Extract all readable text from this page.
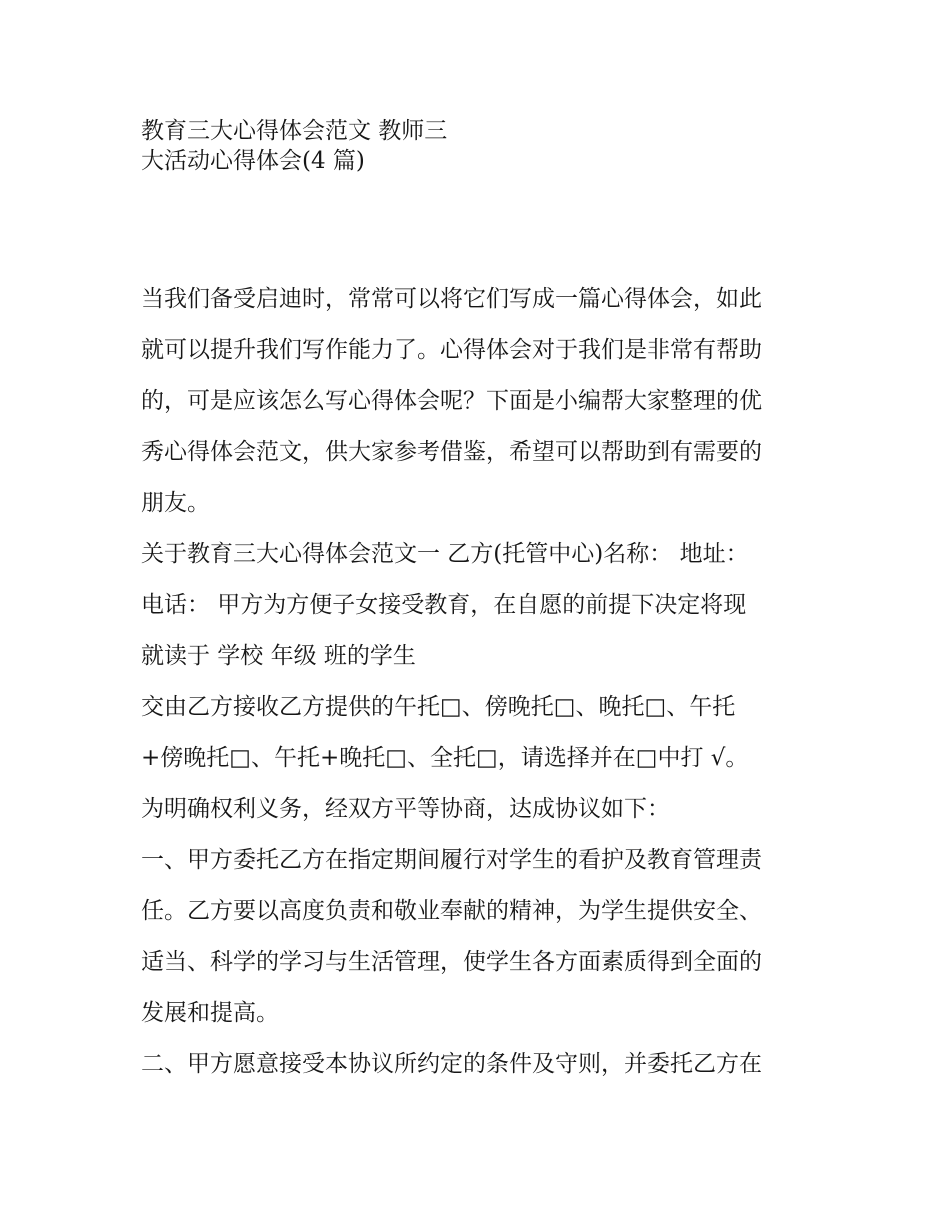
教育三大心得体会范文 教师三
大活动心得体会(4 篇)

当我们备受启迪时，常常可以将它们写成一篇心得体会，如此

就可以提升我们写作能力了。心得体会对于我们是非常有帮助

的，可是应该怎么写心得体会呢？下面是小编帮大家整理的优

秀心得体会范文，供大家参考借鉴，希望可以帮助到有需要的

朋友。

关于教育三大心得体会范文一 乙方(托管中心)名称： 地址：

电话： 甲方为方便子女接受教育，在自愿的前提下决定将现

就读于 学校 年级 班的学生

交由乙方接收乙方提供的午托□、傍晚托□、晚托□、午托

+傍晚托□、午托+晚托□、全托□，请选择并在□中打 √。

为明确权利义务，经双方平等协商，达成协议如下：

一、甲方委托乙方在指定期间履行对学生的看护及教育管理责

任。乙方要以高度负责和敬业奉献的精神，为学生提供安全、

适当、科学的学习与生活管理，使学生各方面素质得到全面的

发展和提高。

二、甲方愿意接受本协议所约定的条件及守则，并委托乙方在
